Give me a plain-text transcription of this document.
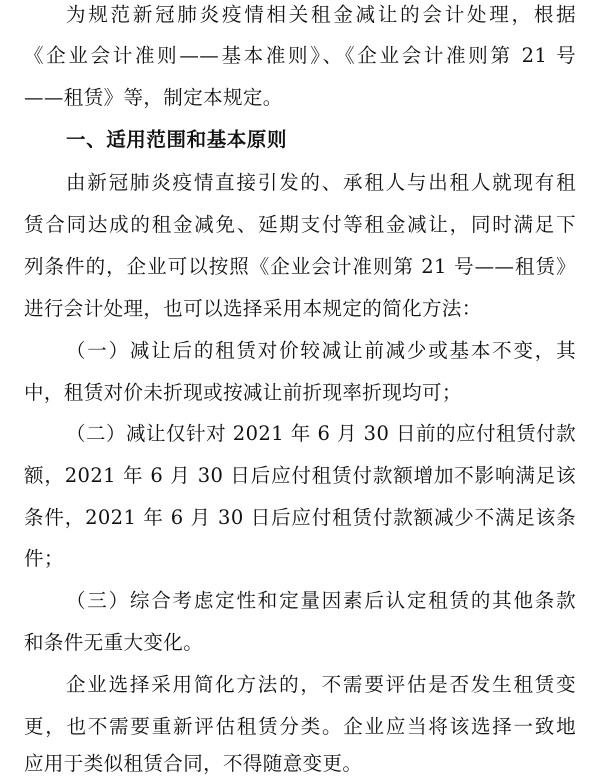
为规范新冠肺炎疫情相关租金减让的会计处理，根据
《企业会计准则——基本准则》、《企业会计准则第 21 号
——租赁》等，制定本规定。
一、适用范围和基本原则
由新冠肺炎疫情直接引发的、承租人与出租人就现有租
赁合同达成的租金减免、延期支付等租金减让，同时满足下
列条件的，企业可以按照《企业会计准则第 21 号——租赁》
进行会计处理，也可以选择采用本规定的简化方法：
（一）减让后的租赁对价较减让前减少或基本不变，其
中，租赁对价未折现或按减让前折现率折现均可；
（二）减让仅针对 2021 年 6 月 30 日前的应付租赁付款
额，2021 年 6 月 30 日后应付租赁付款额增加不影响满足该
条件，2021 年 6 月 30 日后应付租赁付款额减少不满足该条
件；
（三）综合考虑定性和定量因素后认定租赁的其他条款
和条件无重大变化。
企业选择采用简化方法的，不需要评估是否发生租赁变
更，也不需要重新评估租赁分类。企业应当将该选择一致地
应用于类似租赁合同，不得随意变更。
